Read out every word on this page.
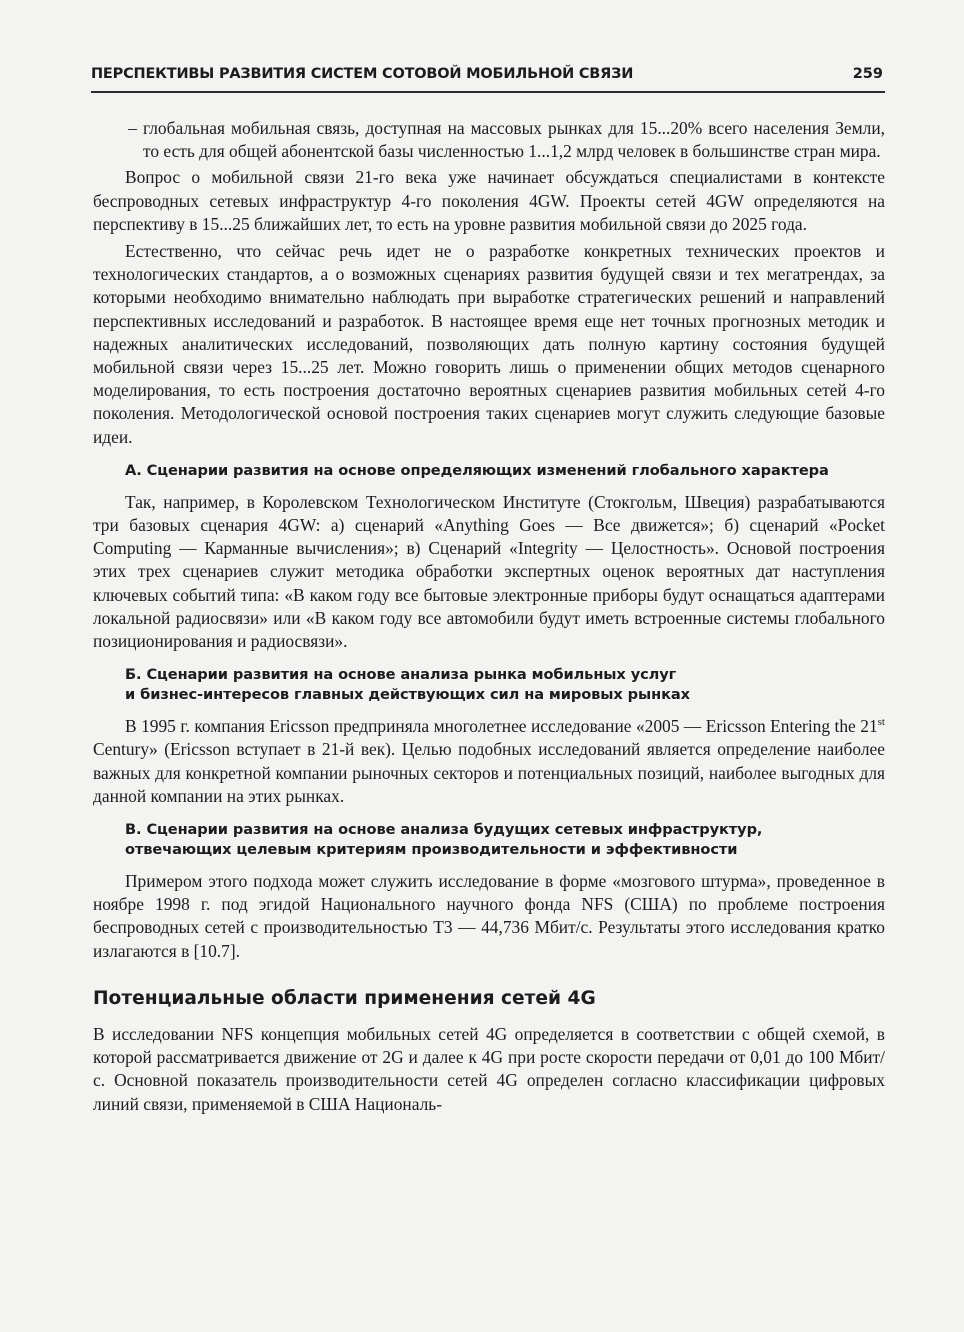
ПЕРСПЕКТИВЫ РАЗВИТИЯ СИСТЕМ СОТОВОЙ МОБИЛЬНОЙ СВЯЗИ	259
– глобальная мобильная связь, доступная на массовых рынках для 15...20% всего населения Земли, то есть для общей абонентской базы численностью 1...1,2 млрд человек в большинстве стран мира.

Вопрос о мобильной связи 21-го века уже начинает обсуждаться специалистами в контексте беспроводных сетевых инфраструктур 4-го поколения 4GW. Проекты сетей 4GW определяются на перспективу в 15...25 ближайших лет, то есть на уровне развития мобильной связи до 2025 года.

Естественно, что сейчас речь идет не о разработке конкретных технических проектов и технологических стандартов, а о возможных сценариях развития будущей связи и тех мегатрендах, за которыми необходимо внимательно наблюдать при выработке стратегических решений и направлений перспективных исследований и разработок. В настоящее время еще нет точных прогнозных методик и надежных аналитических исследований, позволяющих дать полную картину состояния будущей мобильной связи через 15...25 лет. Можно говорить лишь о применении общих методов сценарного моделирования, то есть построения достаточно вероятных сценариев развития мобильных сетей 4-го поколения. Методологической основой построения таких сценариев могут служить следующие базовые идеи.

А. Сценарии развития на основе определяющих изменений глобального характера

Так, например, в Королевском Технологическом Институте (Стокгольм, Швеция) разрабатываются три базовых сценария 4GW: а) сценарий «Anything Goes — Все движется»; б) сценарий «Pocket Computing — Карманные вычисления»; в) Сценарий «Integrity — Целостность». Основой построения этих трех сценариев служит методика обработки экспертных оценок вероятных дат наступления ключевых событий типа: «В каком году все бытовые электронные приборы будут оснащаться адаптерами локальной радиосвязи» или «В каком году все автомобили будут иметь встроенные системы глобального позиционирования и радиосвязи».

Б. Сценарии развития на основе анализа рынка мобильных услуг
и бизнес-интересов главных действующих сил на мировых рынках

В 1995 г. компания Ericsson предприняла многолетнее исследование «2005 — Ericsson Entering the 21st Century» (Ericsson вступает в 21-й век). Целью подобных исследований является определение наиболее важных для конкретной компании рыночных секторов и потенциальных позиций, наиболее выгодных для данной компании на этих рынках.

В. Сценарии развития на основе анализа будущих сетевых инфраструктур,
отвечающих целевым критериям производительности и эффективности

Примером этого подхода может служить исследование в форме «мозгового штурма», проведенное в ноябре 1998 г. под эгидой Национального научного фонда NFS (США) по проблеме построения беспроводных сетей с производительностью T3 — 44,736 Мбит/с. Результаты этого исследования кратко излагаются в [10.7].

Потенциальные области применения сетей 4G

В исследовании NFS концепция мобильных сетей 4G определяется в соответствии с общей схемой, в которой рассматривается движение от 2G и далее к 4G при росте скорости передачи от 0,01 до 100 Мбит/с. Основной показатель производительности сетей 4G определен согласно классификации цифровых линий связи, применяемой в США Националь-
